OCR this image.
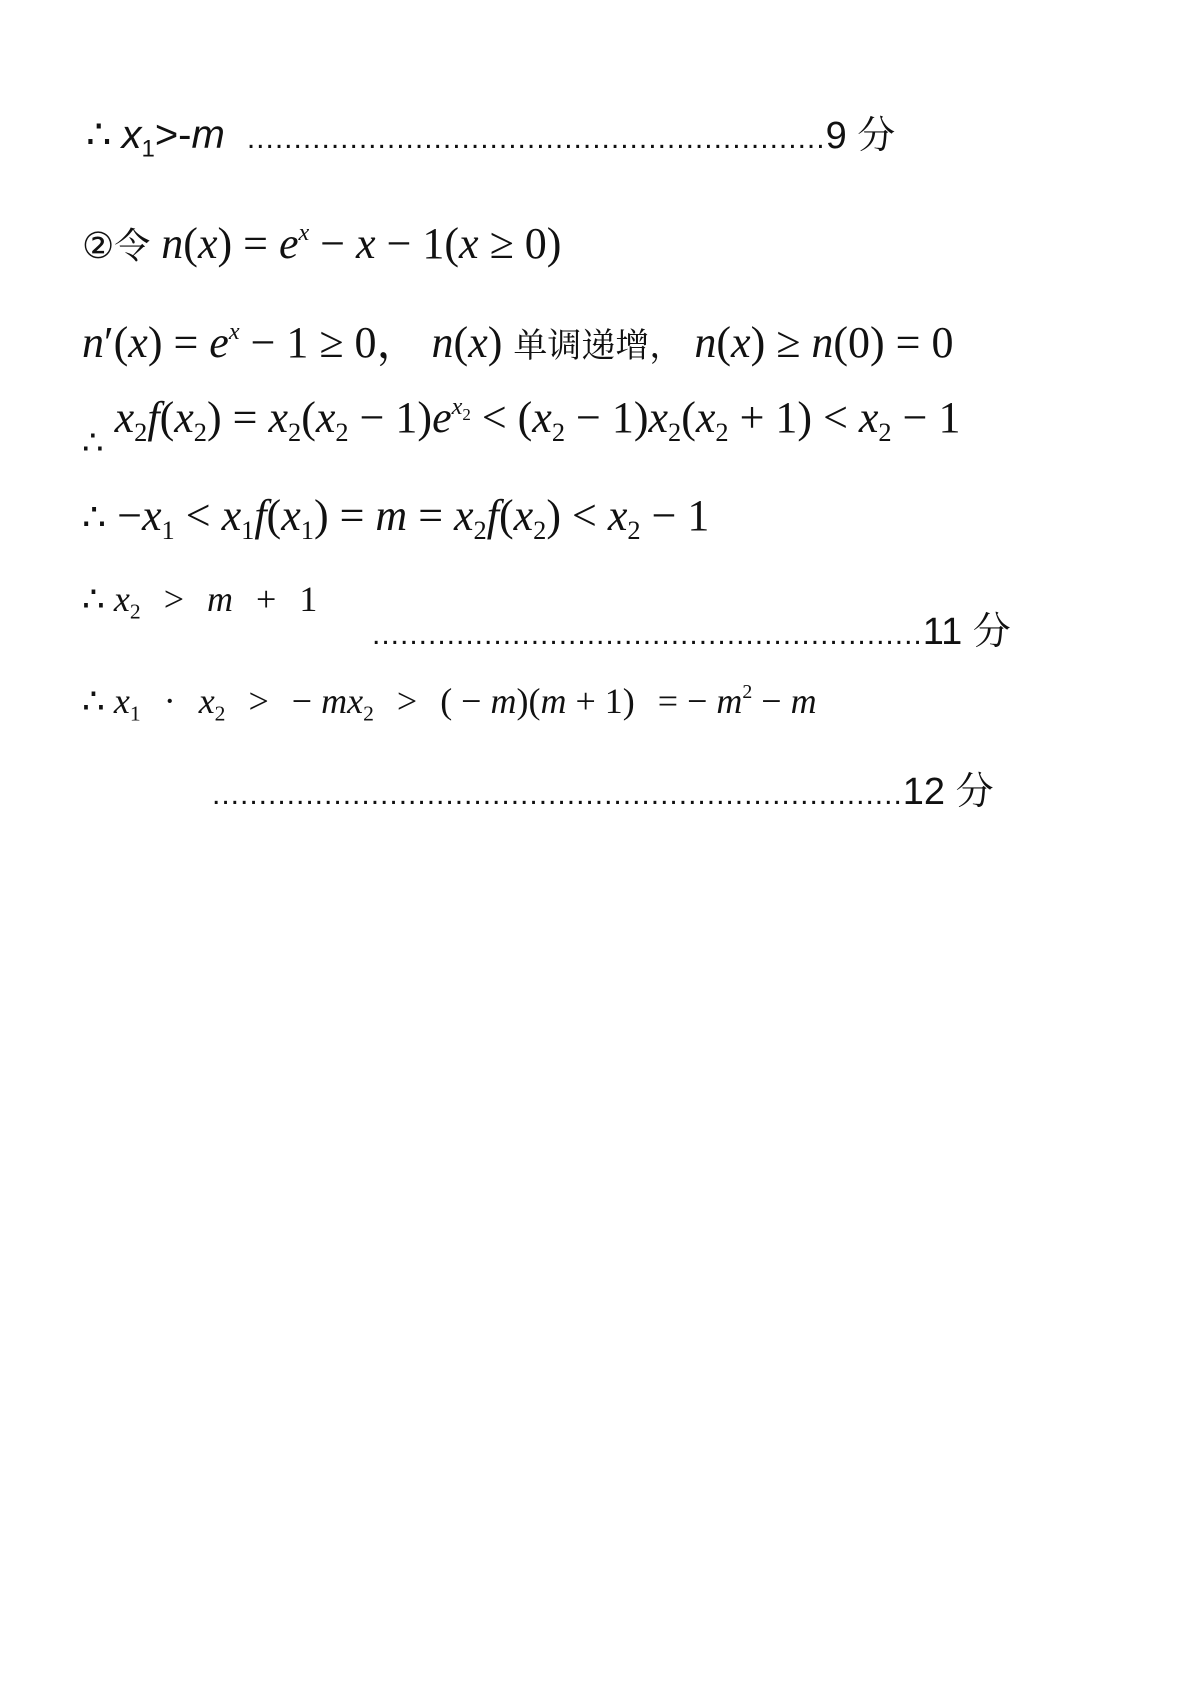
∴ $x_1>-m$ ..............................................................9 分
②令 $n(x) = e^x - x - 1(x \ge 0)$
$n'(x) = e^x - 1 \ge 0$， n(x) 单调递增， n(x) ≥ n(0) = 0
$_\therefore$ $x_2f(x_2) = x_2(x_2 - 1)e^{x_2} < (x_2 - 1)x_2(x_2 + 1) < x_2 - 1$
∴ $-x_1 < x_1f(x_1) = m = x_2f(x_2) < x_2 - 1$
∴ $x_2 > m + 1$
...........................................................11 分
∴ $x_1 \cdot x_2$ > − $mx_2$ > ( − m)(m + 1) = − $m^2 - m$
..........................................................................12 分
